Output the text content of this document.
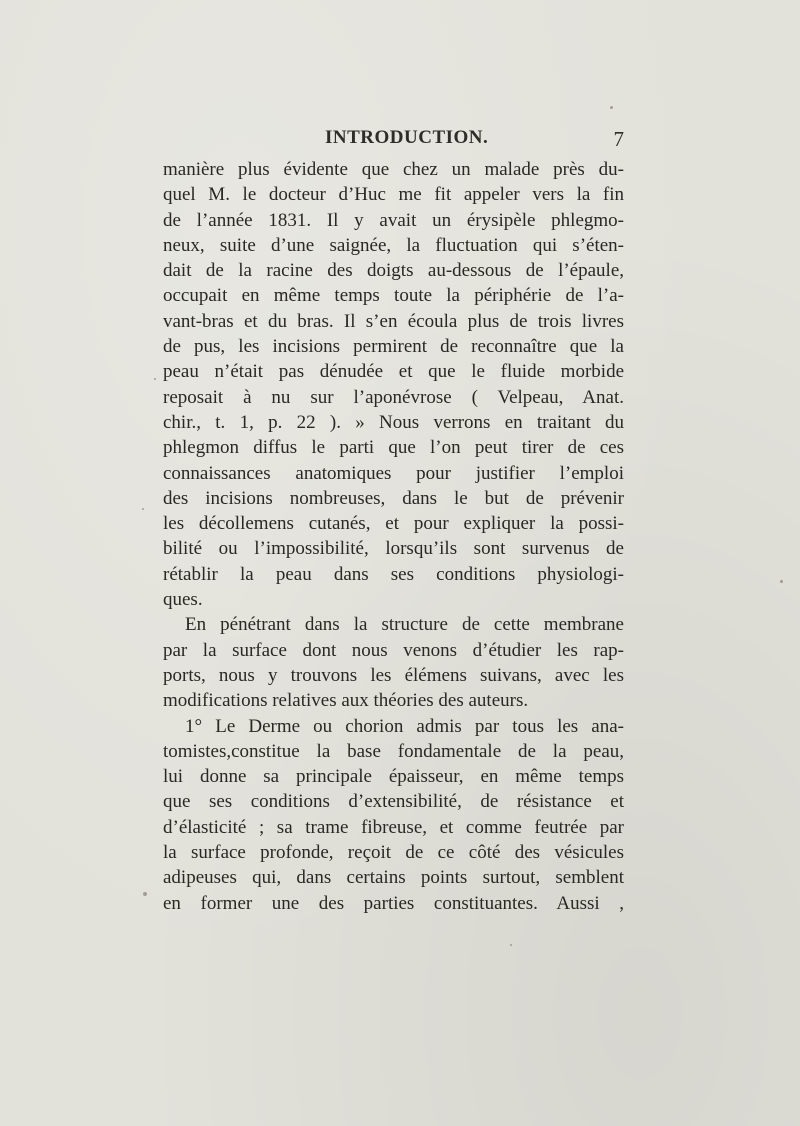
INTRODUCTION.	7
manière plus évidente que chez un malade près du-
quel M. le docteur d’Huc me fit appeler vers la fin
de l’année 1831. Il y avait un érysipèle phlegmo-
neux, suite d’une saignée, la fluctuation qui s’éten-
dait de la racine des doigts au-dessous de l’épaule,
occupait en même temps toute la périphérie de l’a-
vant-bras et du bras. Il s’en écoula plus de trois livres
de pus, les incisions permirent de reconnaître que la
peau n’était pas dénudée et que le fluide morbide
reposait à nu sur l’aponévrose ( Velpeau, Anat.
chir., t. 1, p. 22 ). » Nous verrons en traitant du
phlegmon diffus le parti que l’on peut tirer de ces
connaissances anatomiques pour justifier l’emploi
des incisions nombreuses, dans le but de prévenir
les décollemens cutanés, et pour expliquer la possi-
bilité ou l’impossibilité, lorsqu’ils sont survenus de
rétablir la peau dans ses conditions physiologi-
ques.
En pénétrant dans la structure de cette membrane
par la surface dont nous venons d’étudier les rap-
ports, nous y trouvons les élémens suivans, avec les
modifications relatives aux théories des auteurs.
1° Le Derme ou chorion admis par tous les ana-
tomistes,constitue la base fondamentale de la peau,
lui donne sa principale épaisseur, en même temps
que ses conditions d’extensibilité, de résistance et
d’élasticité ; sa trame fibreuse, et comme feutrée par
la surface profonde, reçoit de ce côté des vésicules
adipeuses qui, dans certains points surtout, semblent
en former une des parties constituantes. Aussi ,
